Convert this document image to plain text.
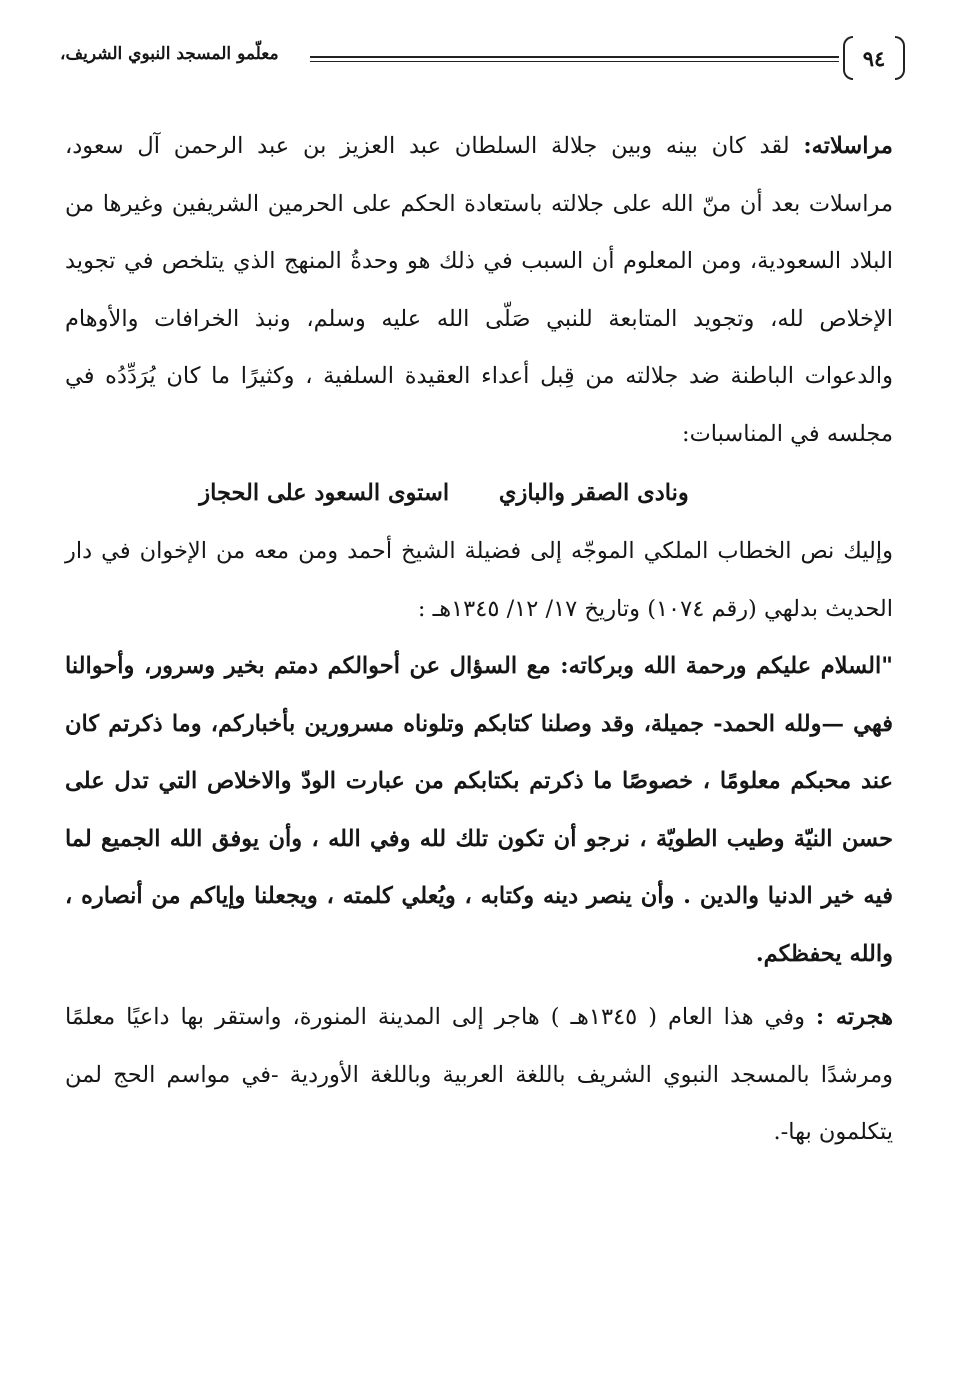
٩٤
معلّمو المسجد النبوي الشريف،

مراسلاته: لقد كان بينه وبين جلالة السلطان عبد العزيز بن عبد الرحمن آل سعود، مراسلات بعد أن منّ الله على جلالته باستعادة الحكم على الحرمين الشريفين وغيرها من البلاد السعودية، ومن المعلوم أن السبب في ذلك هو وحدةُ المنهج الذي يتلخص في تجويد الإخلاص لله، وتجويد المتابعة للنبي صَلّى الله عليه وسلم، ونبذ الخرافات والأوهام والدعوات الباطنة ضد جلالته من قِبل أعداء العقيدة السلفية ، وكثيرًا ما كان يُرَدِّدُه في مجلسه في المناسبات:

ونادى الصقر والبازي استوى السعود على الحجاز

وإليك نص الخطاب الملكي الموجّه إلى فضيلة الشيخ أحمد ومن معه من الإخوان في دار الحديث بدلهي (رقم ١٠٧٤) وتاريخ ١٧/ ١٢/ ١٣٤٥هـ :

"السلام عليكم ورحمة الله وبركاته: مع السؤال عن أحوالكم دمتم بخير وسرور، وأحوالنا فهي —ولله الحمد- جميلة، وقد وصلنا كتابكم وتلوناه مسرورين بأخباركم، وما ذكرتم كان عند محبكم معلومًا ، خصوصًا ما ذكرتم بكتابكم من عبارت الودّ والاخلاص التي تدل على حسن النيّة وطيب الطويّة ، نرجو أن تكون تلك لله وفي الله ، وأن يوفق الله الجميع لما فيه خير الدنيا والدين . وأن ينصر دينه وكتابه ، ويُعلي كلمته ، ويجعلنا وإياكم من أنصاره ، والله يحفظكم.

هجرته : وفي هذا العام ( ١٣٤٥هـ ) هاجر إلى المدينة المنورة، واستقر بها داعيًا معلمًا ومرشدًا بالمسجد النبوي الشريف باللغة العربية وباللغة الأوردية -في مواسم الحج لمن يتكلمون بها-.
